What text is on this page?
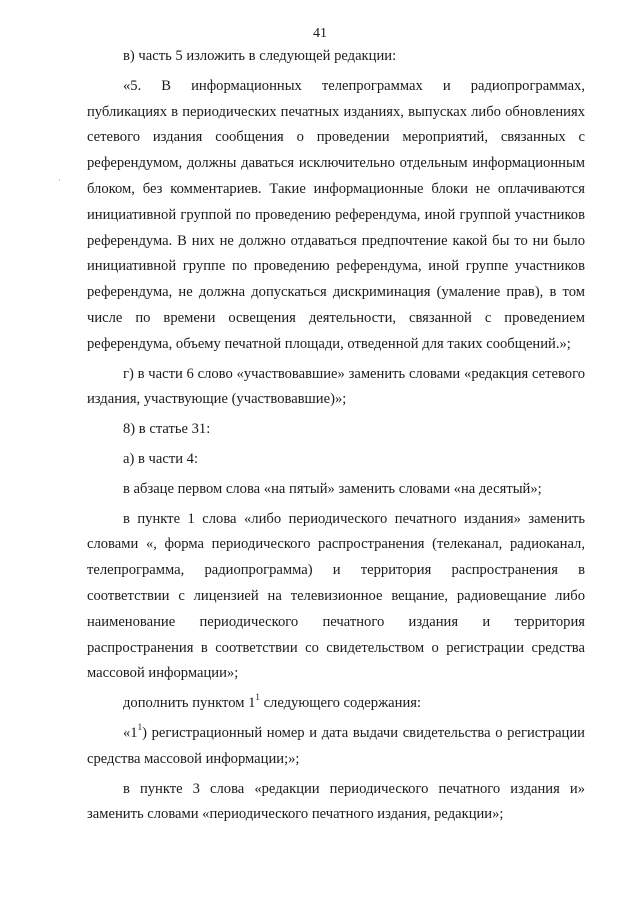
41
·

в) часть 5 изложить в следующей редакции:

«5. В информационных телепрограммах и радиопрограммах, публикациях в периодических печатных изданиях, выпусках либо обновлениях сетевого издания сообщения о проведении мероприятий, связанных с референдумом, должны даваться исключительно отдельным информационным блоком, без комментариев. Такие информационные блоки не оплачиваются инициативной группой по проведению референдума, иной группой участников референдума. В них не должно отдаваться предпочтение какой бы то ни было инициативной группе по проведению референдума, иной группе участников референдума, не должна допускаться дискриминация (умаление прав), в том числе по времени освещения деятельности, связанной с проведением референдума, объему печатной площади, отведенной для таких сообщений.»;

г) в части 6 слово «участвовавшие» заменить словами «редакция сетевого издания, участвующие (участвовавшие)»;

8) в статье 31:

а) в части 4:

в абзаце первом слова «на пятый» заменить словами «на десятый»;

в пункте 1 слова «либо периодического печатного издания» заменить словами «, форма периодического распространения (телеканал, радиоканал, телепрограмма, радиопрограмма) и территория распространения в соответствии с лицензией на телевизионное вещание, радиовещание либо наименование периодического печатного издания и территория распространения в соответствии со свидетельством о регистрации средства массовой информации»;

дополнить пунктом $1^1$ следующего содержания:

«$1^1$) регистрационный номер и дата выдачи свидетельства о регистрации средства массовой информации;»;

в пункте 3 слова «редакции периодического печатного издания и» заменить словами «периодического печатного издания, редакции»;
